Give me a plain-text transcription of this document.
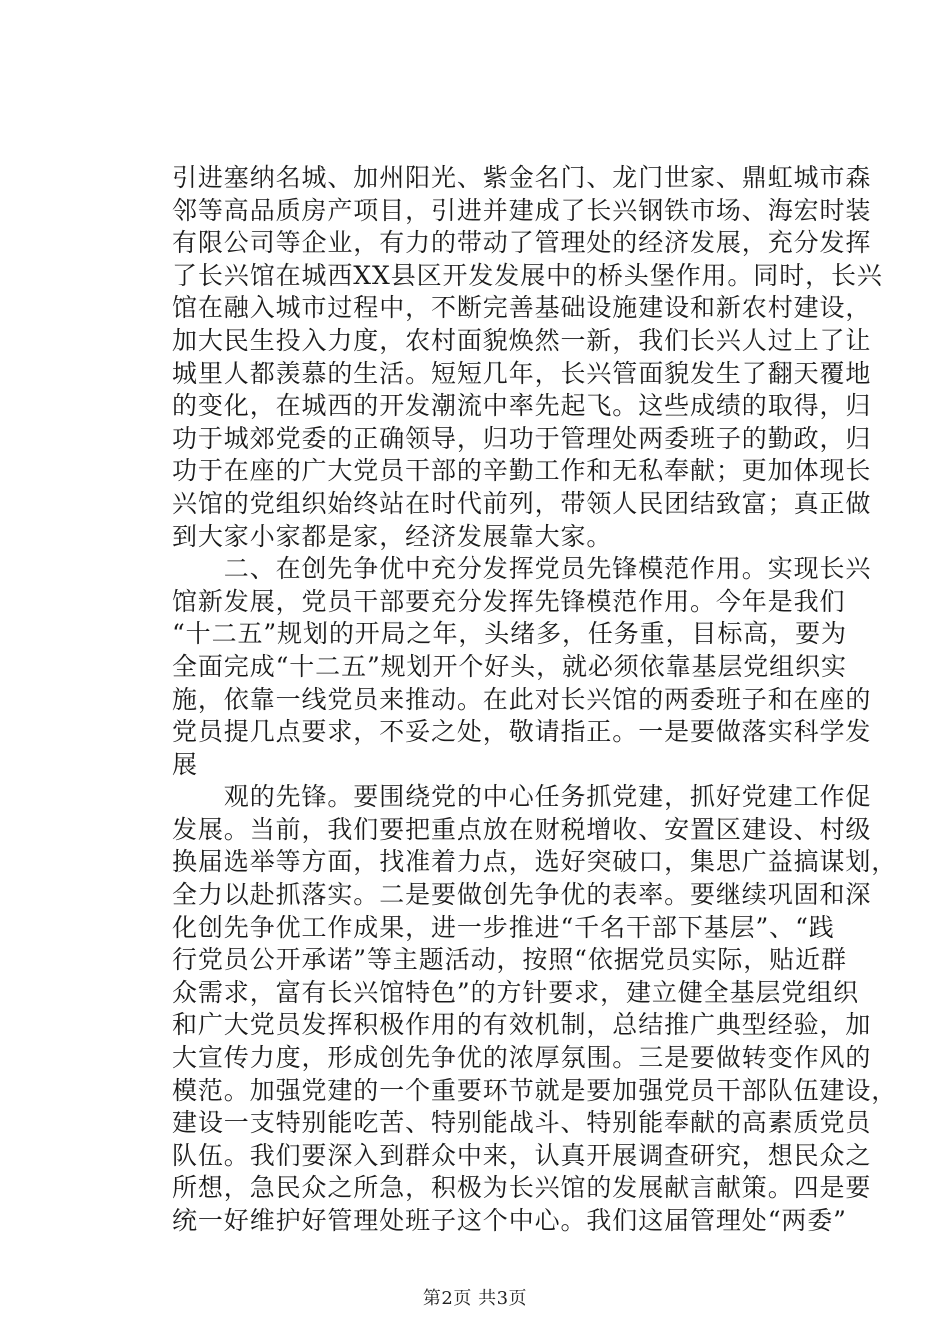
引进塞纳名城、加州阳光、紫金名门、龙门世家、鼎虹城市森
邻等高品质房产项目，引进并建成了长兴钢铁市场、海宏时装
有限公司等企业，有力的带动了管理处的经济发展，充分发挥
了长兴馆在城西XX县区开发发展中的桥头堡作用。同时，长兴
馆在融入城市过程中，不断完善基础设施建设和新农村建设，
加大民生投入力度，农村面貌焕然一新，我们长兴人过上了让
城里人都羡慕的生活。短短几年，长兴管面貌发生了翻天覆地
的变化，在城西的开发潮流中率先起飞。这些成绩的取得，归
功于城郊党委的正确领导，归功于管理处两委班子的勤政，归
功于在座的广大党员干部的辛勤工作和无私奉献；更加体现长
兴馆的党组织始终站在时代前列，带领人民团结致富；真正做
到大家小家都是家，经济发展靠大家。
　　二、在创先争优中充分发挥党员先锋模范作用。实现长兴
馆新发展，党员干部要充分发挥先锋模范作用。今年是我们
“十二五”规划的开局之年，头绪多，任务重，目标高，要为
全面完成“十二五”规划开个好头，就必须依靠基层党组织实
施，依靠一线党员来推动。在此对长兴馆的两委班子和在座的
党员提几点要求，不妥之处，敬请指正。一是要做落实科学发
展
　　观的先锋。要围绕党的中心任务抓党建，抓好党建工作促
发展。当前，我们要把重点放在财税增收、安置区建设、村级
换届选举等方面，找准着力点，选好突破口，集思广益搞谋划，
全力以赴抓落实。二是要做创先争优的表率。要继续巩固和深
化创先争优工作成果，进一步推进“千名干部下基层”、“践
行党员公开承诺”等主题活动，按照“依据党员实际，贴近群
众需求，富有长兴馆特色”的方针要求，建立健全基层党组织
和广大党员发挥积极作用的有效机制，总结推广典型经验，加
大宣传力度，形成创先争优的浓厚氛围。三是要做转变作风的
模范。加强党建的一个重要环节就是要加强党员干部队伍建设，
建设一支特别能吃苦、特别能战斗、特别能奉献的高素质党员
队伍。我们要深入到群众中来，认真开展调查研究，想民众之
所想，急民众之所急，积极为长兴馆的发展献言献策。四是要
统一好维护好管理处班子这个中心。我们这届管理处“两委”
第2页 共3页
